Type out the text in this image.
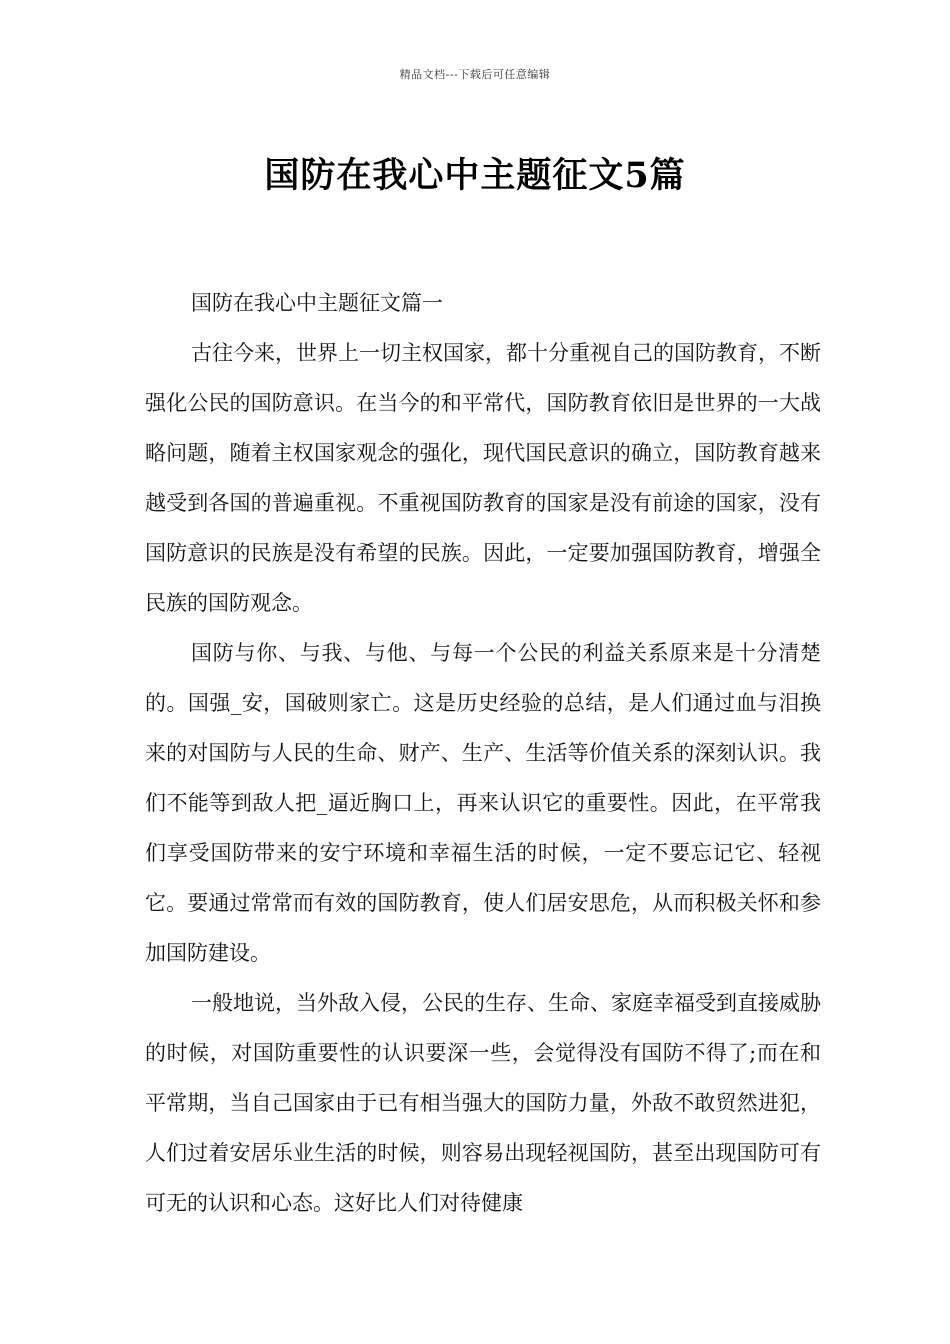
精品文档---下载后可任意编辑
国防在我心中主题征文5篇

国防在我心中主题征文篇一

古往今来，世界上一切主权国家，都十分重视自己的国防教育，不断强化公民的国防意识。在当今的和平常代，国防教育依旧是世界的一大战略问题，随着主权国家观念的强化，现代国民意识的确立，国防教育越来越受到各国的普遍重视。不重视国防教育的国家是没有前途的国家，没有国防意识的民族是没有希望的民族。因此，一定要加强国防教育，增强全民族的国防观念。

国防与你、与我、与他、与每一个公民的利益关系原来是十分清楚的。国强_安，国破则家亡。这是历史经验的总结，是人们通过血与泪换来的对国防与人民的生命、财产、生产、生活等价值关系的深刻认识。我们不能等到敌人把_逼近胸口上，再来认识它的重要性。因此，在平常我们享受国防带来的安宁环境和幸福生活的时候，一定不要忘记它、轻视它。要通过常常而有效的国防教育，使人们居安思危，从而积极关怀和参加国防建设。

一般地说，当外敌入侵，公民的生存、生命、家庭幸福受到直接威胁的时候，对国防重要性的认识要深一些，会觉得没有国防不得了;而在和平常期，当自己国家由于已有相当强大的国防力量，外敌不敢贸然进犯，人们过着安居乐业生活的时候，则容易出现轻视国防，甚至出现国防可有可无的认识和心态。这好比人们对待健康
